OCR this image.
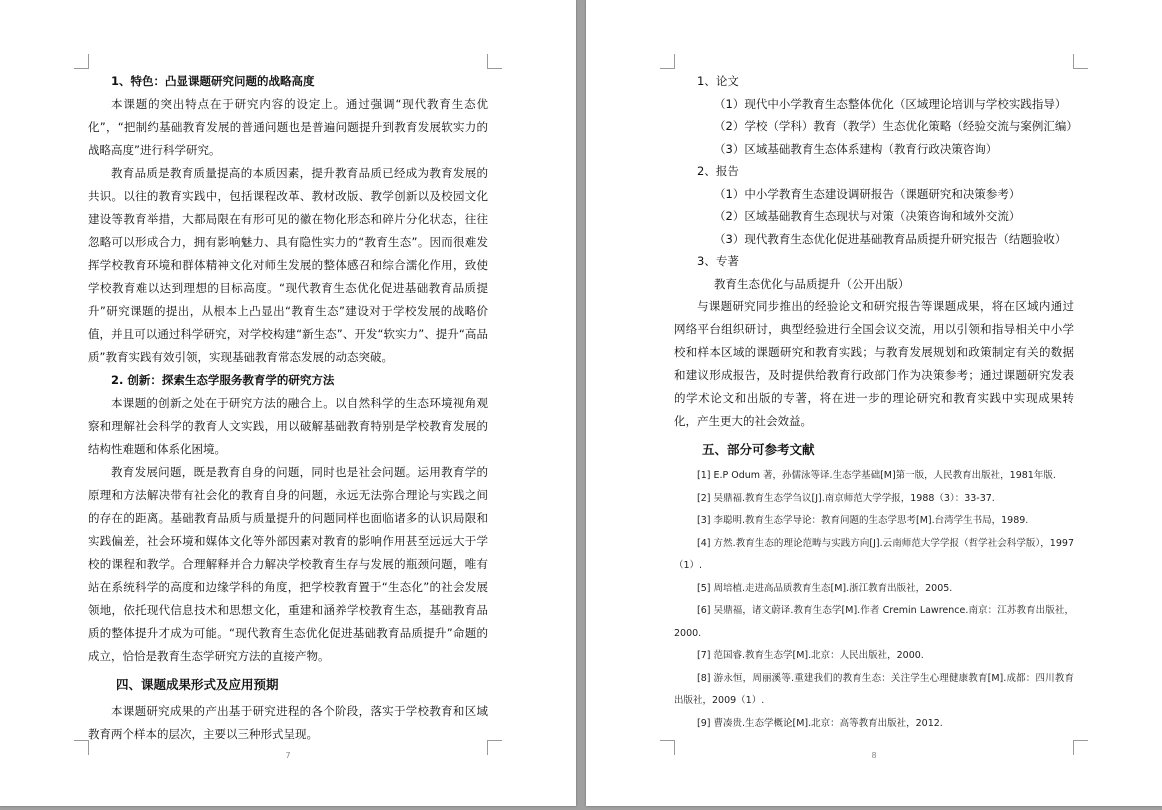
1、特色：凸显课题研究问题的战略高度

本课题的突出特点在于研究内容的设定上。通过强调“现代教育生态优化”，“把制约基础教育发展的普通问题也是普遍问题提升到教育发展软实力的战略高度”进行科学研究。

教育品质是教育质量提高的本质因素，提升教育品质已经成为教育发展的共识。以往的教育实践中，包括课程改革、教材改版、教学创新以及校园文化建设等教育举措，大都局限在有形可见的徽在物化形态和碎片分化状态，往往忽略可以形成合力，拥有影响魅力、具有隐性实力的“教育生态”。因而很难发挥学校教育环境和群体精神文化对师生发展的整体感召和综合濡化作用，致使学校教育难以达到理想的目标高度。“现代教育生态优化促进基础教育品质提升”研究课题的提出，从根本上凸显出“教育生态”建设对于学校发展的战略价值，并且可以通过科学研究，对学校构建“新生态”、开发“软实力”、提升“高品质”教育实践有效引领，实现基础教育常态发展的动态突破。

2. 创新：探索生态学服务教育学的研究方法

本课题的创新之处在于研究方法的融合上。以自然科学的生态环境视角观察和理解社会科学的教育人文实践，用以破解基础教育特别是学校教育发展的结构性难题和体系化困境。

教育发展问题，既是教育自身的问题，同时也是社会问题。运用教育学的原理和方法解决带有社会化的教育自身的问题，永远无法弥合理论与实践之间的存在的距离。基础教育品质与质量提升的问题同样也面临诸多的认识局限和实践偏差，社会环境和媒体文化等外部因素对教育的影响作用甚至远远大于学校的课程和教学。合理解释并合力解决学校教育生存与发展的瓶颈问题，唯有站在系统科学的高度和边缘学科的角度，把学校教育置于“生态化”的社会发展领地，依托现代信息技术和思想文化，重建和涵养学校教育生态，基础教育品质的整体提升才成为可能。“现代教育生态优化促进基础教育品质提升”命题的成立，恰恰是教育生态学研究方法的直接产物。

四、课题成果形式及应用预期

本课题研究成果的产出基于研究进程的各个阶段，落实于学校教育和区域教育两个样本的层次，主要以三种形式呈现。

7

1、论文

（1）现代中小学教育生态整体优化（区域理论培训与学校实践指导）

（2）学校（学科）教育（教学）生态优化策略（经验交流与案例汇编）

（3）区域基础教育生态体系建构（教育行政决策咨询）

2、报告

（1）中小学教育生态建设调研报告（课题研究和决策参考）

（2）区域基础教育生态现状与对策（决策咨询和域外交流）

（3）现代教育生态优化促进基础教育品质提升研究报告（结题验收）

3、专著

教育生态优化与品质提升（公开出版）

与课题研究同步推出的经验论文和研究报告等课题成果，将在区域内通过网络平台组织研讨，典型经验进行全国会议交流，用以引领和指导相关中小学校和样本区域的课题研究和教育实践；与教育发展规划和政策制定有关的数据和建议形成报告，及时提供给教育行政部门作为决策参考；通过课题研究发表的学术论文和出版的专著，将在进一步的理论研究和教育实践中实现成果转化，产生更大的社会效益。

五、部分可参考文献

[1] E.P Odum 著，孙儒泳等译.生态学基础[M]第一版，人民教育出版社，1981年版.

[2] 吴鼎福.教育生态学刍议[J].南京师范大学学报，1988（3）：33-37.

[3] 李聪明.教育生态学导论：教育问题的生态学思考[M].台湾学生书局，1989.

[4] 方然.教育生态的理论范畴与实践方向[J].云南师范大学学报（哲学社会科学版），1997（1）.

[5] 周培植.走进高品质教育生态[M].浙江教育出版社，2005.

[6] 吴鼎福，诸文蔚译.教育生态学[M].作者 Cremin Lawrence.南京：江苏教育出版社，2000.

[7] 范国睿.教育生态学[M].北京：人民出版社，2000.

[8] 游永恒，周丽溪等.重建我们的教育生态：关注学生心理健康教育[M].成都：四川教育出版社，2009（1）.

[9] 曹凑贵.生态学概论[M].北京：高等教育出版社，2012.

8
